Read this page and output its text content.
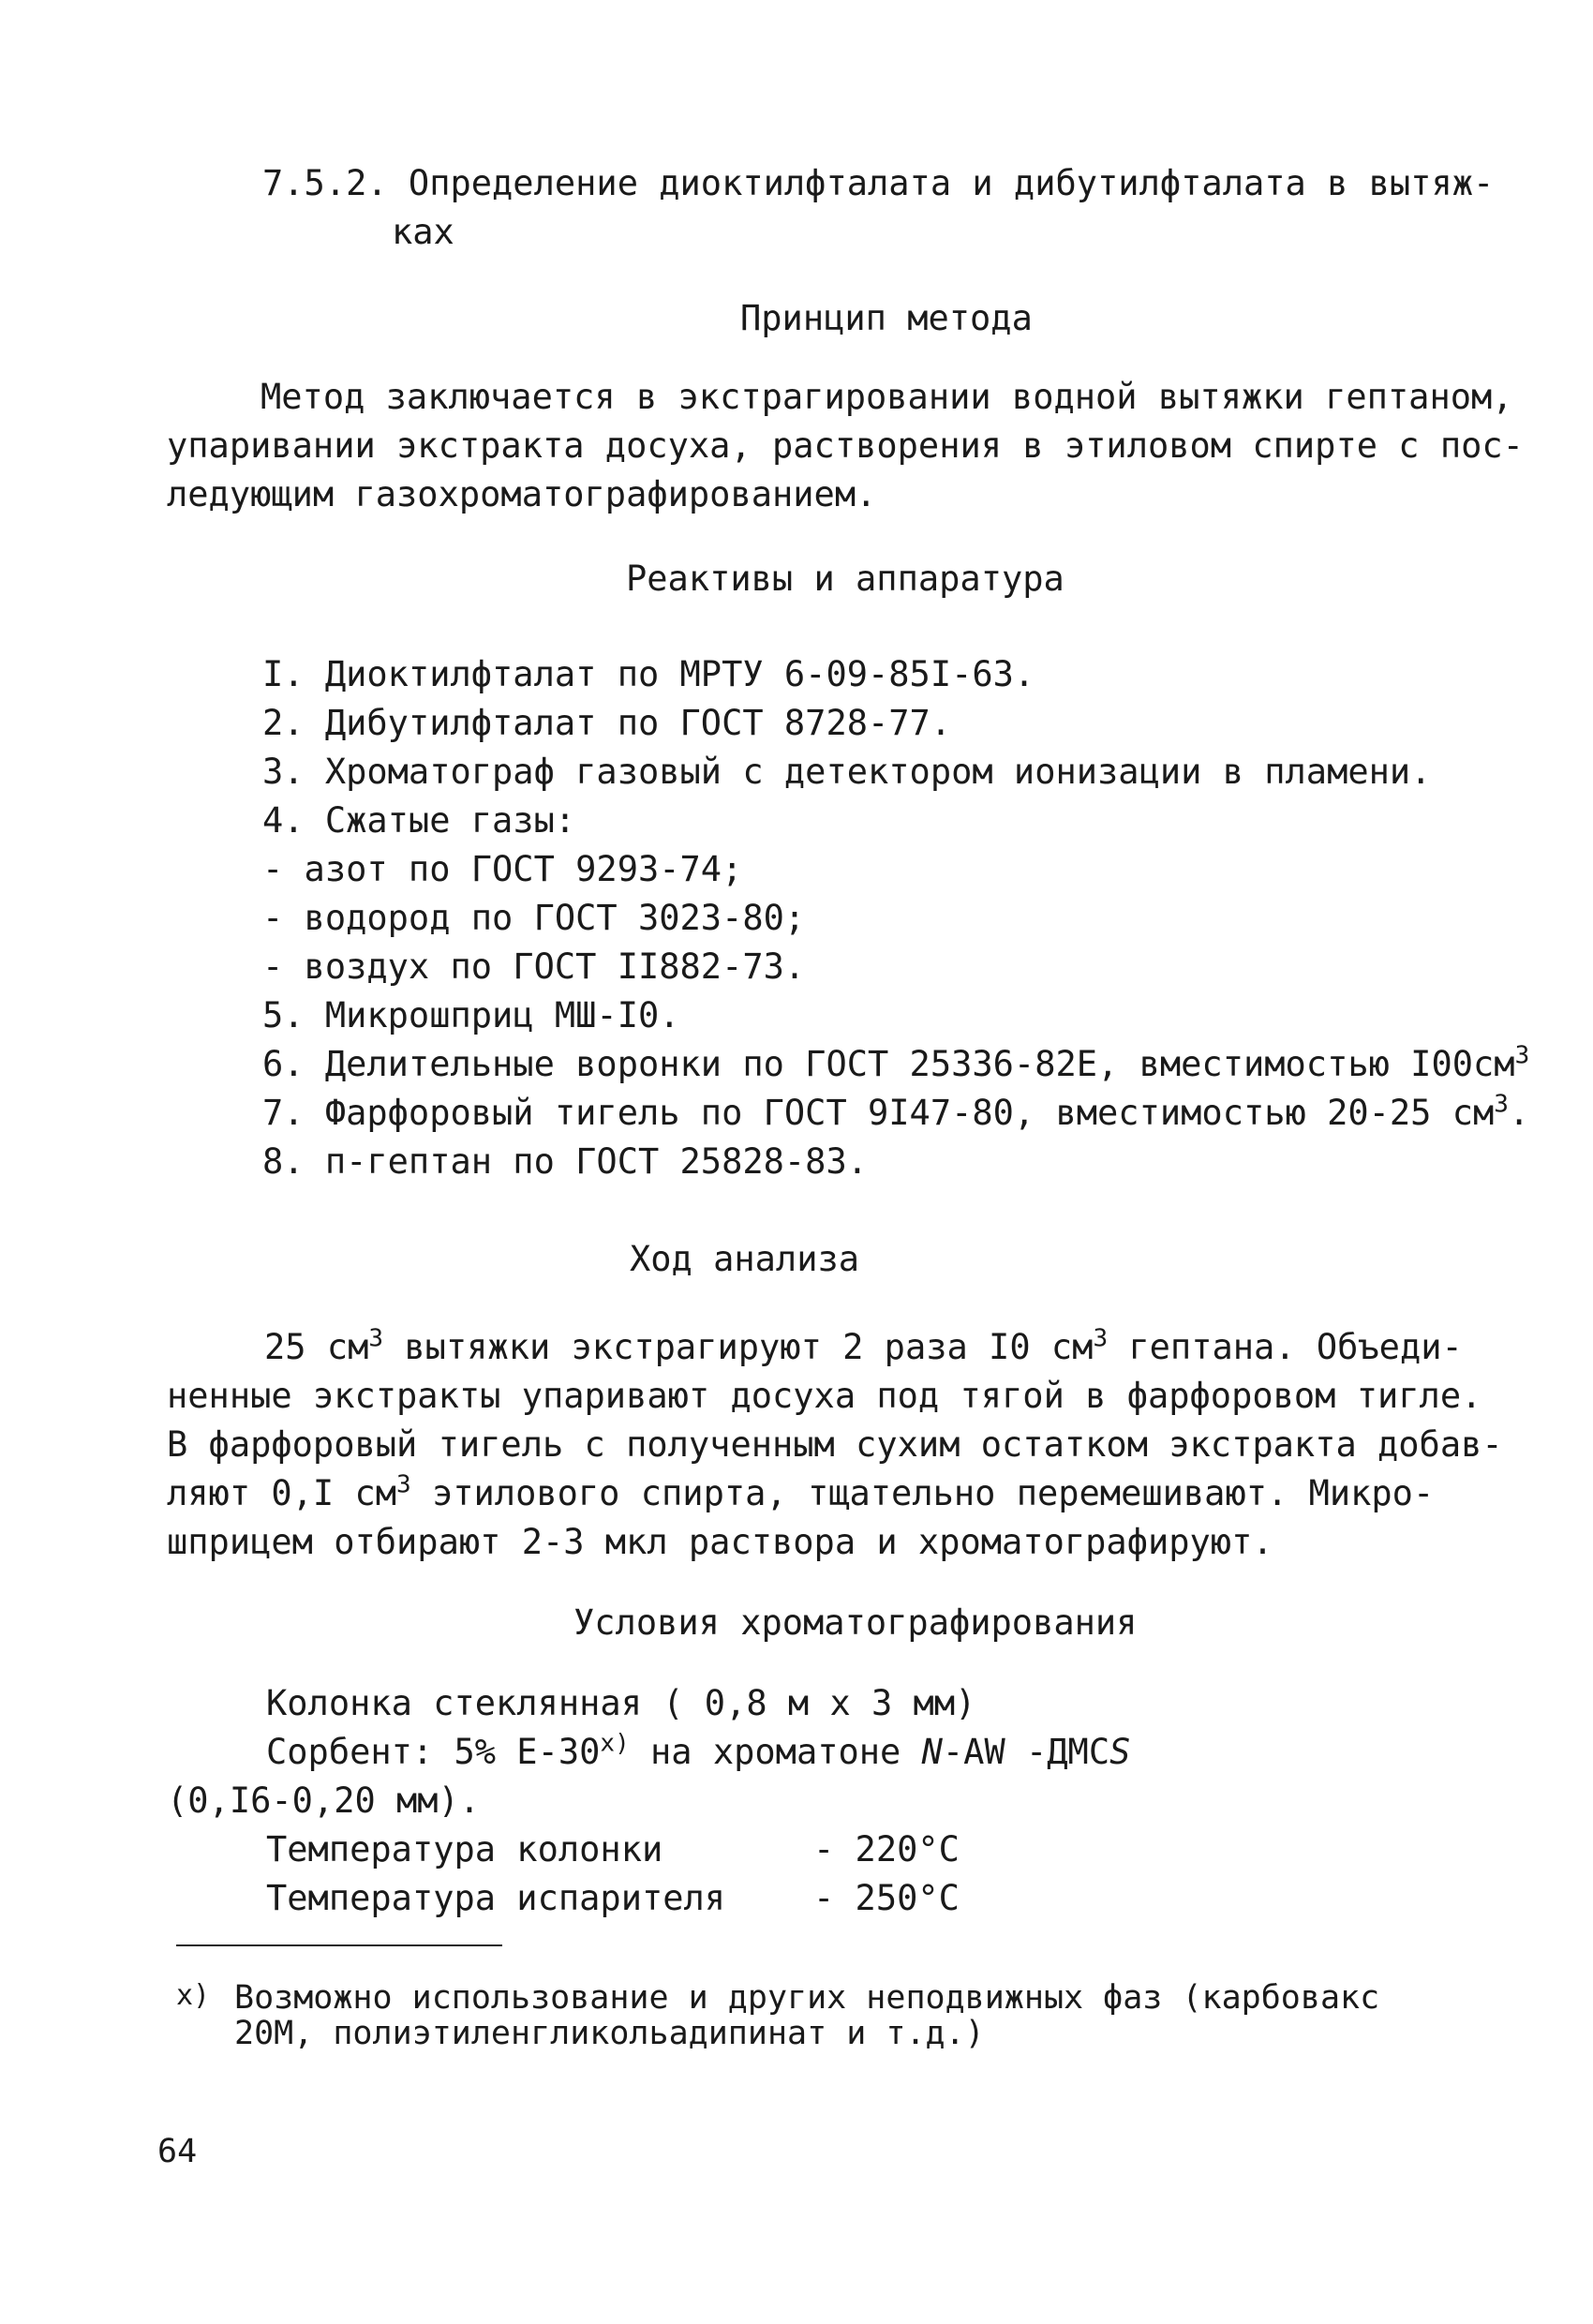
7.5.2. Определение диоктилфталата и дибутилфталата в вытяж-
ках
Принцип метода
Метод заключается в экстрагировании водной вытяжки гептаном,
упаривании экстракта досуха, растворения в этиловом спирте с пос-
ледующим газохроматографированием.
Реактивы и аппаратура
I. Диоктилфталат по МРТУ 6-09-85I-63.
2. Дибутилфталат по ГОСТ 8728-77.
3. Хроматограф газовый с детектором ионизации в пламени.
4. Сжатые газы:
- азот по ГОСТ 9293-74;
- водород по ГОСТ 3023-80;
- воздух по ГОСТ II882-73.
5. Микрошприц МШ-I0.
6. Делительные воронки по ГОСТ 25336-82Е, вместимостью $I00см^3$
7. Фарфоровый тигель по ГОСТ 9I47-80, вместимостью 20-25 $см^3$.
8. п-гептан по ГОСТ 25828-83.
Ход анализа
25 $см^3$ вытяжки экстрагируют 2 раза I0 $см^3$ гептана. Объеди-
ненные экстракты упаривают досуха под тягой в фарфоровом тигле.
В фарфоровый тигель с полученным сухим остатком экстракта добав-
ляют 0,I $см^3$ этилового спирта, тщательно перемешивают. Микро-
шприцем отбирают 2-3 мкл раствора и хроматографируют.
Условия хроматографирования
Колонка стеклянная ( 0,8 м х 3 мм)
Сорбент: 5% $Е-30^{х)}$ на хроматоне N-AW -ДМСS
(0,I6-0,20 мм).
Температура колонки	- 220°С
Температура испарителя	- 250°С
х) Возможно использование и других неподвижных фаз (карбовакс
20М, полиэтиленгликольадипинат и т.д.)
64
